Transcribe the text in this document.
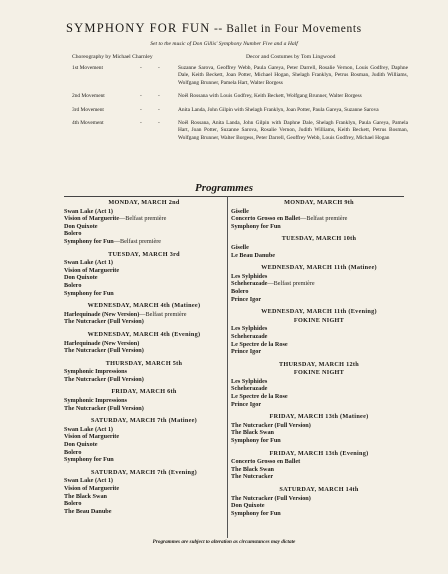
SYMPHONY FOR FUN -- Ballet in Four Movements
Set to the music of Don Gillis' Symphony Number Five and a Half
Choreography by Michael Charnley	Decor and Costumes by Tom Lingwood
1st Movement	-	-	Suzanne Sarova, Geoffrey Webb, Paula Gareya, Peter Darrell, Rosalie Vernon, Louis Godfrey, Daphne Dale, Keith Beckett, Joan Potter, Michael Hogan, Shelagh Franklyn, Petrus Bosman, Judith Williams, Wolfgang Brunner, Pamela Hart, Walter Borgess
2nd Movement	-	-	Noël Rossana with Louis Godfrey, Keith Beckett, Wolfgang Brunner, Walter Borgess
3rd Movement	-	-	Anita Landa, John Gilpin with Shelagh Franklyn, Joan Potter, Paula Gareya, Suzanne Sarova
4th Movement	-	-	Noël Rossana, Anita Landa, John Gilpin with Daphne Dale, Shelagh Franklyn, Paula Gareya, Pamela Hart, Joan Potter, Suzanne Sarova, Rosalie Vernon, Judith Williams, Keith Beckett, Petrus Bosman, Wolfgang Brunner, Walter Borgess, Peter Darrell, Geoffrey Webb, Louis Godfrey, Michael Hogan
Programmes
MONDAY, MARCH 2nd
Swan Lake (Act 1)
Vision of Marguerite—Belfast première
Don Quixote
Bolero
Symphony for Fun—Belfast première
TUESDAY, MARCH 3rd
Swan Lake (Act 1)
Vision of Marguerite
Don Quixote
Bolero
Symphony for Fun
WEDNESDAY, MARCH 4th (Matinee)
Harlequinade (New Version)—Belfast première
The Nutcracker (Full Version)
WEDNESDAY, MARCH 4th (Evening)
Harlequinade (New Version)
The Nutcracker (Full Version)
THURSDAY, MARCH 5th
Symphonic Impressions
The Nutcracker (Full Version)
FRIDAY, MARCH 6th
Symphonic Impressions
The Nutcracker (Full Version)
SATURDAY, MARCH 7th (Matinee)
Swan Lake (Act 1)
Vision of Marguerite
Don Quixote
Bolero
Symphony for Fun
SATURDAY, MARCH 7th (Evening)
Swan Lake (Act 1)
Vision of Marguerite
The Black Swan
Bolero
The Beau Danube
MONDAY, MARCH 9th
Giselle
Concerto Grosso en Ballet—Belfast première
Symphony for Fun
TUESDAY, MARCH 10th
Giselle
Le Beau Danube
WEDNESDAY, MARCH 11th (Matinee)
Les Sylphides
Scheherazade—Belfast première
Bolero
Prince Igor
WEDNESDAY, MARCH 11th (Evening)
FOKINE NIGHT
Les Sylphides
Scheherazade
Le Spectre de la Rose
Prince Igor
THURSDAY, MARCH 12th
FOKINE NIGHT
Les Sylphides
Scheherazade
Le Spectre de la Rose
Prince Igor
FRIDAY, MARCH 13th (Matinee)
The Nutcracker (Full Version)
The Black Swan
Symphony for Fun
FRIDAY, MARCH 13th (Evening)
Concerto Grosso en Ballet
The Black Swan
The Nutcracker
SATURDAY, MARCH 14th
The Nutcracker (Full Version)
Don Quixote
Symphony for Fun
Programmes are subject to alteration as circumstances may dictate
